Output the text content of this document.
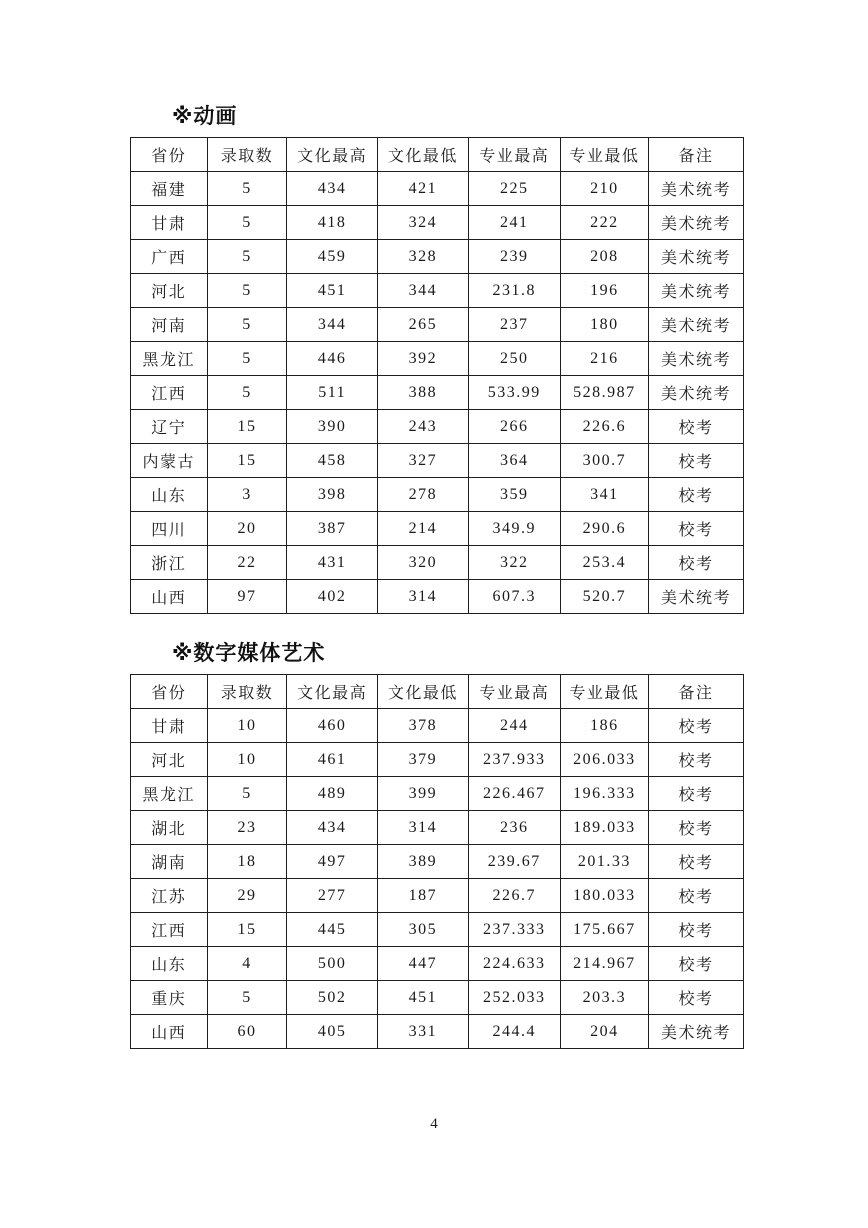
※动画
省份	录取数	文化最高	文化最低	专业最高	专业最低	备注
福建	5	434	421	225	210	美术统考
甘肃	5	418	324	241	222	美术统考
广西	5	459	328	239	208	美术统考
河北	5	451	344	231.8	196	美术统考
河南	5	344	265	237	180	美术统考
黑龙江	5	446	392	250	216	美术统考
江西	5	511	388	533.99	528.987	美术统考
辽宁	15	390	243	266	226.6	校考
内蒙古	15	458	327	364	300.7	校考
山东	3	398	278	359	341	校考
四川	20	387	214	349.9	290.6	校考
浙江	22	431	320	322	253.4	校考
山西	97	402	314	607.3	520.7	美术统考
※数字媒体艺术
省份	录取数	文化最高	文化最低	专业最高	专业最低	备注
甘肃	10	460	378	244	186	校考
河北	10	461	379	237.933	206.033	校考
黑龙江	5	489	399	226.467	196.333	校考
湖北	23	434	314	236	189.033	校考
湖南	18	497	389	239.67	201.33	校考
江苏	29	277	187	226.7	180.033	校考
江西	15	445	305	237.333	175.667	校考
山东	4	500	447	224.633	214.967	校考
重庆	5	502	451	252.033	203.3	校考
山西	60	405	331	244.4	204	美术统考
4
